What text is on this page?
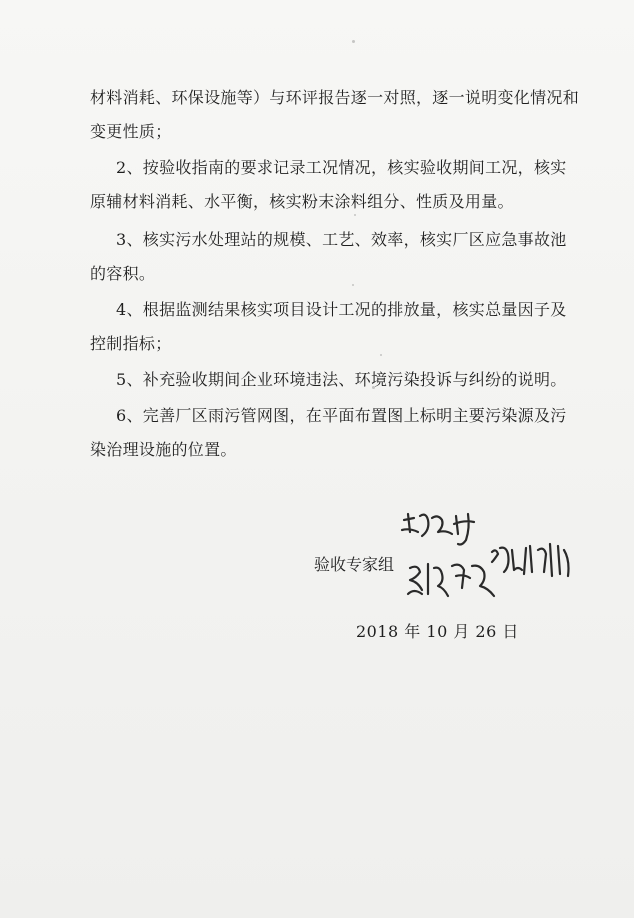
材料消耗、环保设施等）与环评报告逐一对照，逐一说明变化情况和
变更性质；
2、按验收指南的要求记录工况情况，核实验收期间工况，核实
原辅材料消耗、水平衡，核实粉末涂料组分、性质及用量。
3、核实污水处理站的规模、工艺、效率，核实厂区应急事故池
的容积。
4、根据监测结果核实项目设计工况的排放量，核实总量因子及
控制指标；
5、补充验收期间企业环境违法、环境污染投诉与纠纷的说明。
6、完善厂区雨污管网图，在平面布置图上标明主要污染源及污
染治理设施的位置。
验收专家组
2018 年 10 月 26 日
